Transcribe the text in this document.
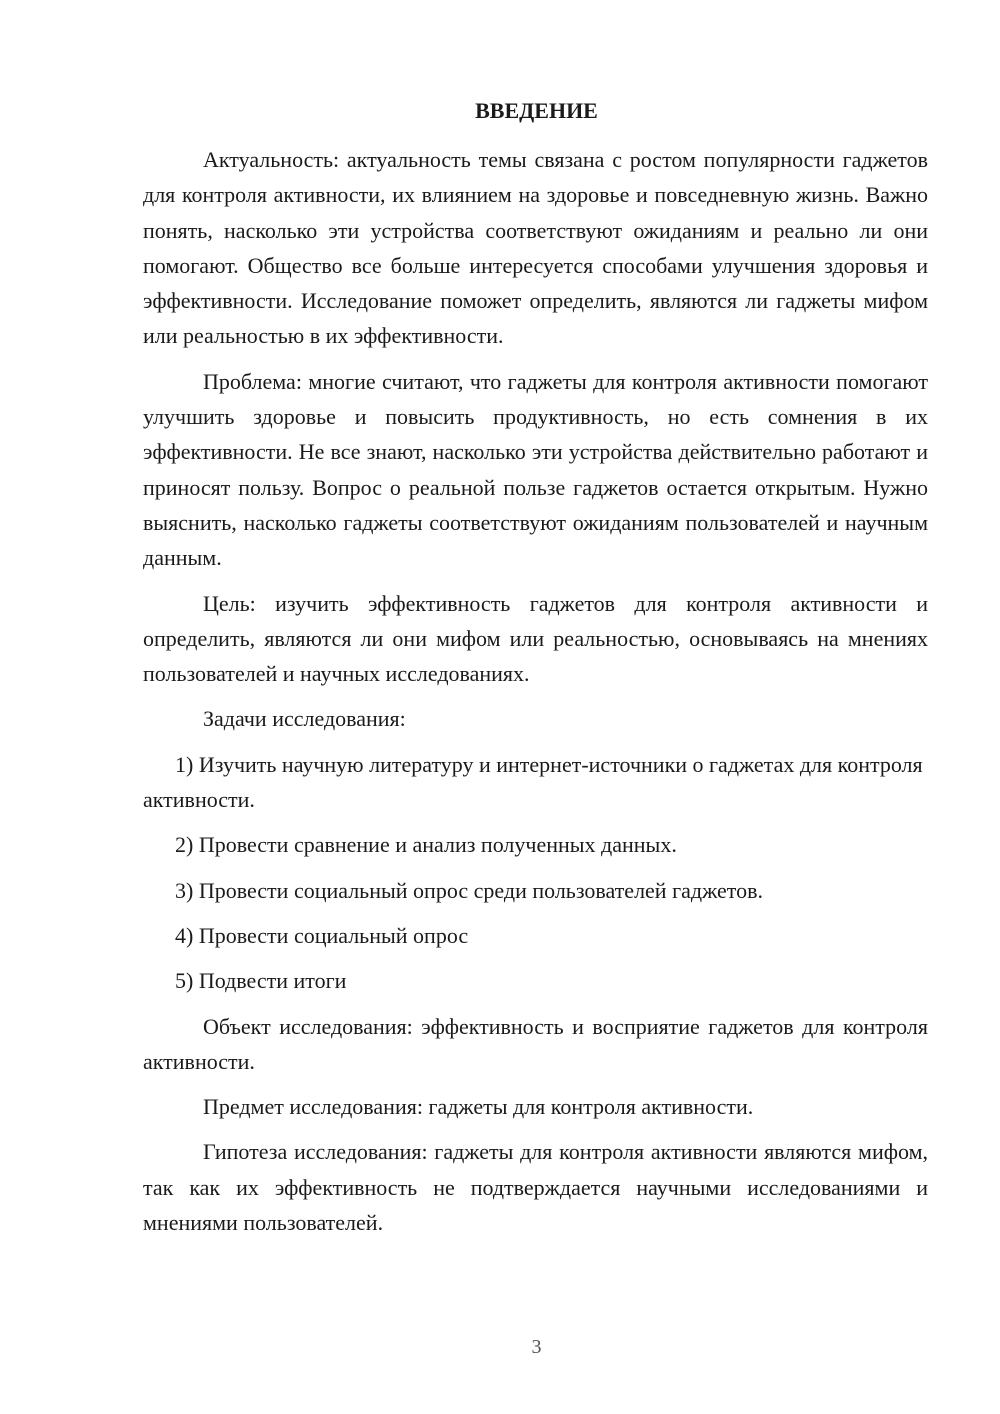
ВВЕДЕНИЕ

Актуальность: актуальность темы связана с ростом популярности гаджетов для контроля активности, их влиянием на здоровье и повседневную жизнь. Важно понять, насколько эти устройства соответствуют ожиданиям и реально ли они помогают. Общество все больше интересуется способами улучшения здоровья и эффективности. Исследование поможет определить, являются ли гаджеты мифом или реальностью в их эффективности.

Проблема: многие считают, что гаджеты для контроля активности помогают улучшить здоровье и повысить продуктивность, но есть сомнения в их эффективности. Не все знают, насколько эти устройства действительно работают и приносят пользу. Вопрос о реальной пользе гаджетов остается открытым. Нужно выяснить, насколько гаджеты соответствуют ожиданиям пользователей и научным данным.

Цель: изучить эффективность гаджетов для контроля активности и определить, являются ли они мифом или реальностью, основываясь на мнениях пользователей и научных исследованиях.

Задачи исследования:

1) Изучить научную литературу и интернет-источники о гаджетах для контроля активности.

2) Провести сравнение и анализ полученных данных.

3) Провести социальный опрос среди пользователей гаджетов.

4) Провести социальный опрос

5) Подвести итоги

Объект исследования: эффективность и восприятие гаджетов для контроля активности.

Предмет исследования: гаджеты для контроля активности.

Гипотеза исследования: гаджеты для контроля активности являются мифом, так как их эффективность не подтверждается научными исследованиями и мнениями пользователей.

3
